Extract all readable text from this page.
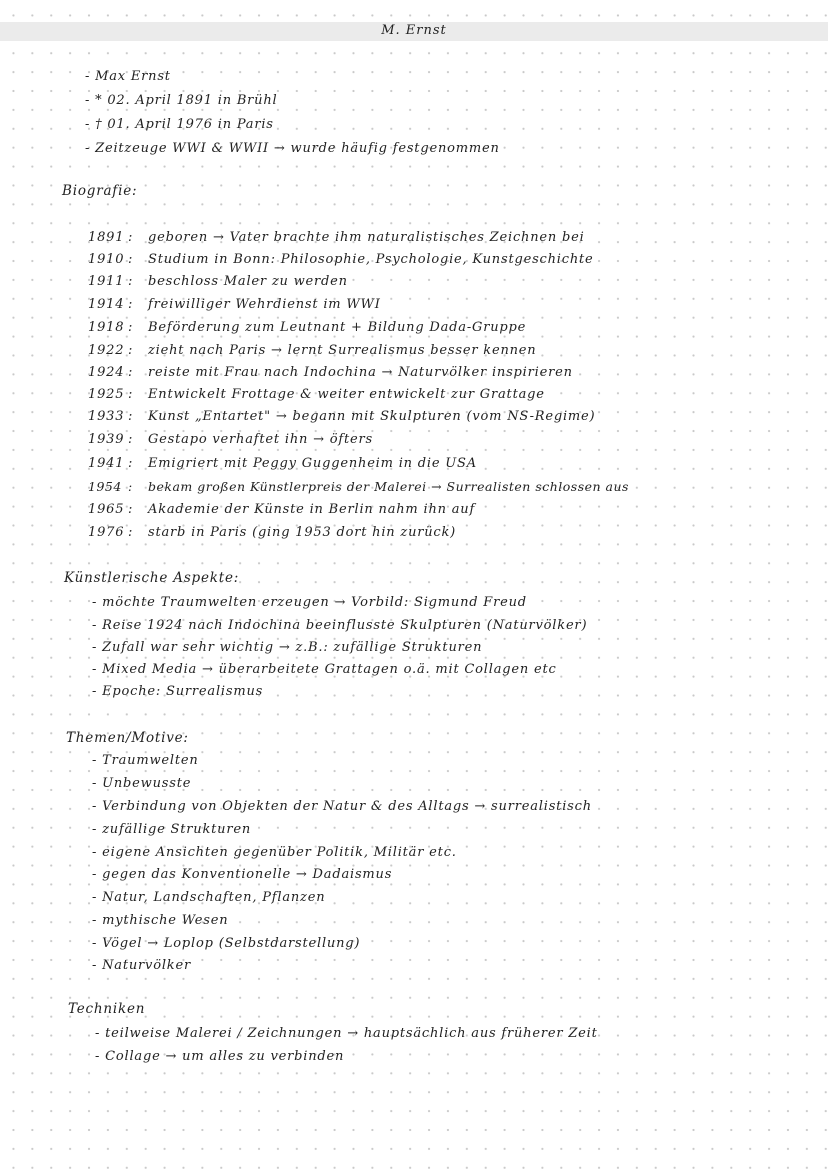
M. Ernst
- Max Ernst
- * 02. April 1891 in Brühl
- † 01. April 1976 in Paris
- Zeitzeuge WWI & WWII → wurde häufig festgenommen
Biografie:
1891 : geboren → Vater brachte ihm naturalistisches Zeichnen bei
1910 : Studium in Bonn: Philosophie, Psychologie, Kunstgeschichte
1911 : beschloss Maler zu werden
1914 : freiwilliger Wehrdienst im WWI
1918 : Beförderung zum Leutnant + Bildung Dada-Gruppe
1922 : zieht nach Paris → lernt Surrealismus besser kennen
1924 : reiste mit Frau nach Indochina → Naturvölker inspirieren
1925 : Entwickelt Frottage & weiter entwickelt zur Grattage
1933 : Kunst „Entartet" → begann mit Skulpturen (vom NS-Regime)
1939 : Gestapo verhaftet ihn → öfters
1941 : Emigriert mit Peggy Guggenheim in die USA
1954 : bekam großen Künstlerpreis der Malerei → Surrealisten schlossen aus
1965 : Akademie der Künste in Berlin nahm ihn auf
1976 : starb in Paris (ging 1953 dort hin zurück)
Künstlerische Aspekte:
- möchte Traumwelten erzeugen → Vorbild: Sigmund Freud
- Reise 1924 nach Indochina beeinflusste Skulpturen (Naturvölker)
- Zufall war sehr wichtig → z.B.: zufällige Strukturen
- Mixed Media → überarbeitete Grattagen o.ä. mit Collagen etc
- Epoche: Surrealismus
Themen/Motive:
- Traumwelten
- Unbewusste
- Verbindung von Objekten der Natur & des Alltags → surrealistisch
- zufällige Strukturen
- eigene Ansichten gegenüber Politik, Militär etc.
- gegen das Konventionelle → Dadaismus
- Natur, Landschaften, Pflanzen
- mythische Wesen
- Vögel → Loplop (Selbstdarstellung)
- Naturvölker
Techniken
- teilweise Malerei / Zeichnungen → hauptsächlich aus früherer Zeit
- Collage → um alles zu verbinden
